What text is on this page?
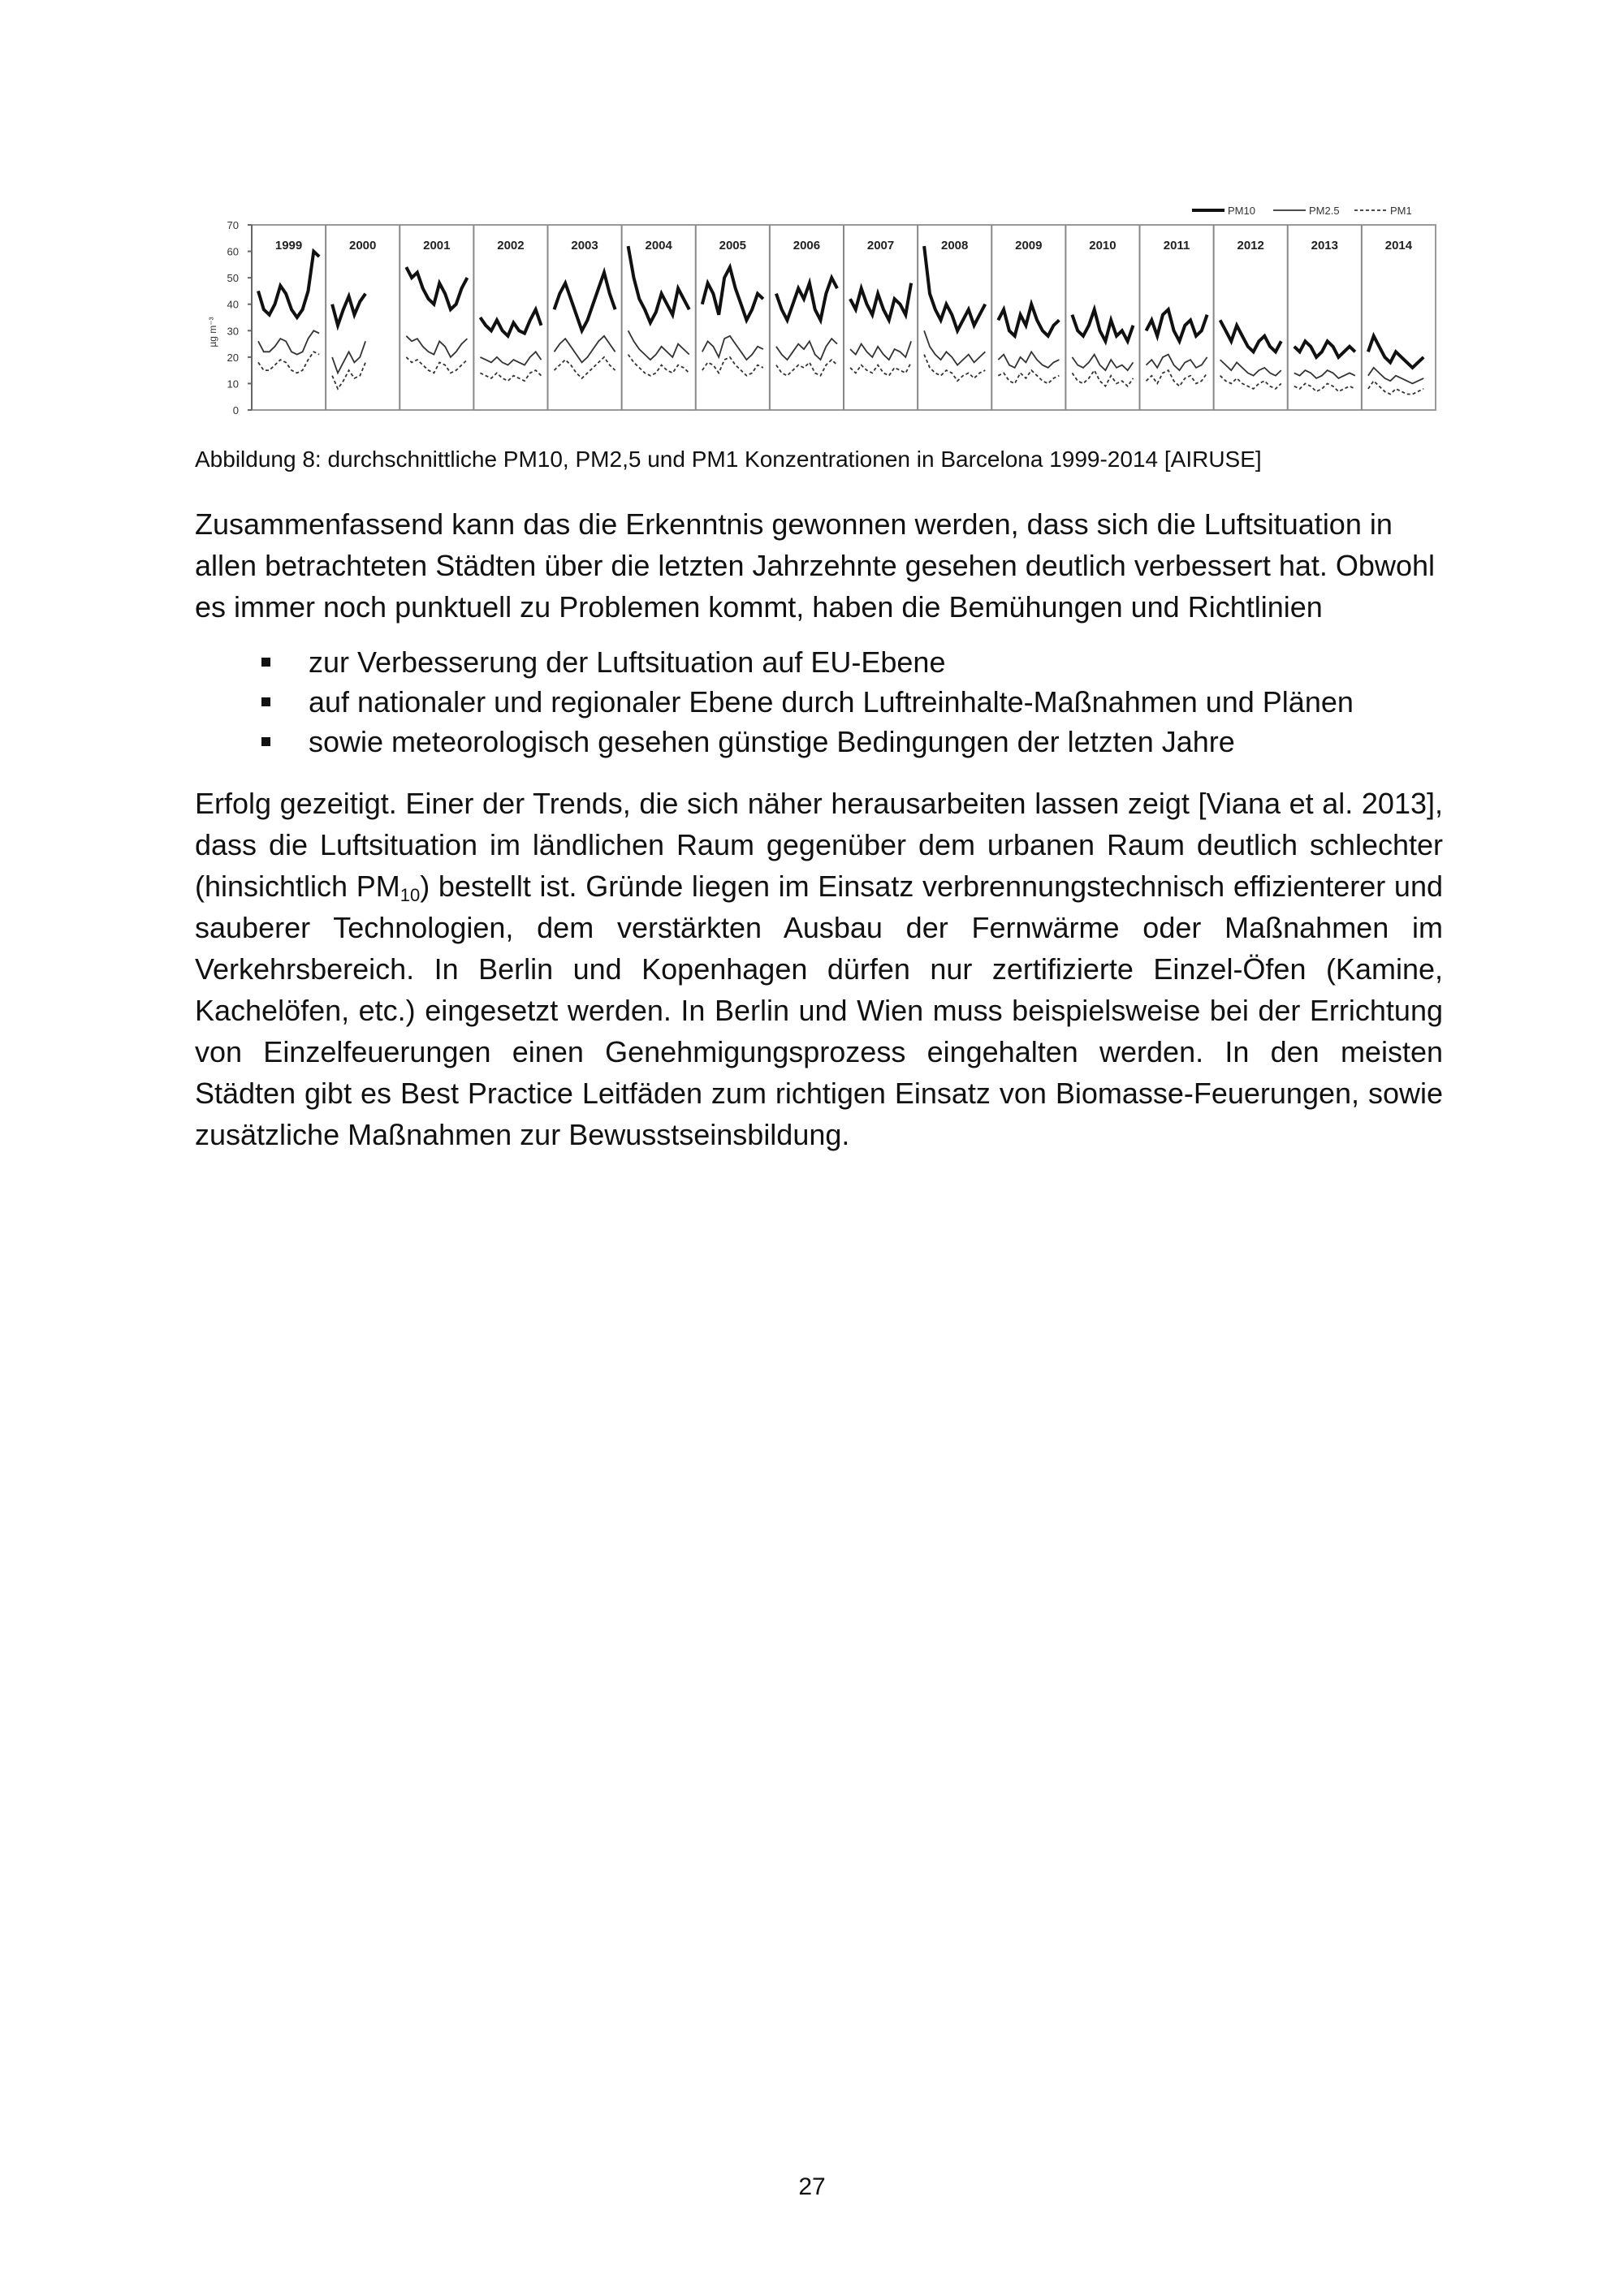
0
10
20
30
40
50
60
70
µg m⁻³
1999	2000	2001	2002	2003	2004	2005	2006	2007	2008	2009	2010	2011	2012	2013	2014
PM10	PM2.5	PM1
Abbildung 8: durchschnittliche PM10, PM2,5 und PM1 Konzentrationen in Barcelona 1999-2014 [AIRUSE]

Zusammenfassend kann das die Erkenntnis gewonnen werden, dass sich die Luftsituation in allen betrachteten Städten über die letzten Jahrzehnte gesehen deutlich verbessert hat. Obwohl es immer noch punktuell zu Problemen kommt, haben die Bemühungen und Richtlinien

zur Verbesserung der Luftsituation auf EU-Ebene
auf nationaler und regionaler Ebene durch Luftreinhalte-Maßnahmen und Plänen
sowie meteorologisch gesehen günstige Bedingungen der letzten Jahre

Erfolg gezeitigt. Einer der Trends, die sich näher herausarbeiten lassen zeigt [Viana et al. 2013], dass die Luftsituation im ländlichen Raum gegenüber dem urbanen Raum deutlich schlechter (hinsichtlich $PM_{10}$) bestellt ist. Gründe liegen im Einsatz verbrennungstechnisch effizienterer und sauberer Technologien, dem verstärkten Ausbau der Fernwärme oder Maßnahmen im Verkehrsbereich. In Berlin und Kopenhagen dürfen nur zertifizierte Einzel-Öfen (Kamine, Kachelöfen, etc.) eingesetzt werden. In Berlin und Wien muss beispielsweise bei der Errichtung von Einzelfeuerungen einen Genehmigungsprozess eingehalten werden. In den meisten Städten gibt es Best Practice Leitfäden zum richtigen Einsatz von Biomasse-Feuerungen, sowie zusätzliche Maßnahmen zur Bewusstseinsbildung.

27
